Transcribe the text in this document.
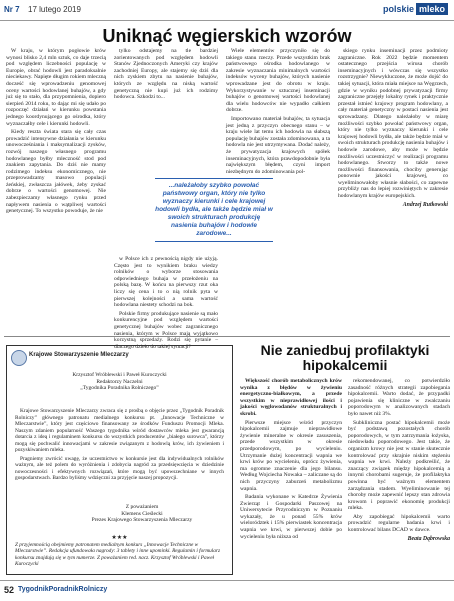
Nr 7 17 lutego 2019	polskie mleko
Uniknąć węgierskich wzorów

W kraju, w którym pogłowie krów wynosi blisko 2,4 mln sztuk, co daje trzecią pod względem liczebności populację w Europie, obrać hodowli jest paradoksalnie nieciekawy. Napięte długim rokiem mleczną docześć się wprowadzeniu genomowej oceny wartości hodowlanej buhajów, a gdy już się to stało, dla przypomnienia, dopiero sierpień 2014 roku, to dając mi się udało po rozpoczęć działań w kierunku powstania jednego koordynującego go ośrodka, który wyznaczałby cele i kierunki hodowli.

Kiedy reszta świata stara się cały czas prowadzić intensywne działania w kierunku unowocześniania i maksymalizacji zysków, rozwój naszego własnego programu hodowlanego byłby mleczność stod pod znakiem zapytania. Do dziś nie mamy rodzimego indeksu ekonomicznego, nie przeprowadzamy masowo populacji żeńskiej, zwłaszcza jałówek, żeby zyskać dobrze o wartości genomowej. Nie zabezpieczamy własnego rynku przed napływem nasienia o wątpliwej wartości genetycznej. To wszystko powoduje, że nie

tylko odstajemy na tle bardziej zorientowanych pod względem hodowli Stanów Zjednoczonych Ameryki czy krajów zachodniej Europy, ale stajemy się dziś dla nich zyskiem zbytu na nasienie buhajów, których ze względu na niską wartość genetyczną nie kupi już ich rodzimy hodowca. Szkodzi to...

...należałoby szybko powołać państwowy organ, który nie tylko wyznaczy kierunki i cele krajowej hodowli bydła, ale także będzie miał w swoich strukturach produkcję nasienia buhajów i hodowle zarodowe...

w Polsce ich z pewnością nigdy nie użyją. Często jest to wynikiem braku wiedzy rolników o wyborze stosowania odpowiedniego buhaja w przełożeniu na polską bazę. W końcu na pierwszy rzut oka liczy się cena i to o nią rolnik pyta w pierwszej kolejności a sama wartość hodowlana niestety schodzi na bok.

Polskie firmy produkujące nasienie są mało konkurencyjne pod względem wartości genetycznej buhajów wobec zagranicznego nasienia, którym w Polsce mają wyjątkowo korzystną sprzedaży. Rodzi się pytanie – dlaczego dzieło do takiej sytuacji?

Wiele elementów przyczyniło się do takiego stanu rzeczy. Przede wszystkim brak państwowego ośrodka hodowlanego w zakresie wyznaczania minimalnych wartości indeksów wyceny buhajów, których nasienie wprowadzane jest do obrotu w kraju. Wykorzystywanie w sztucznej inseminacji buhajów o genomowej wartości hodowlanej dla wielu hodowców nie wypadło całkiem dobrze.

Importowano materiał buhajów, ta sytuacja jest jedną z przyczyn obecnego stanu – w kraju wiele lat temu ich hodowla na słabszą populację buhajów została zdominowana, a ta hodowla nie jest utrzymywana. Dodać należy, że prywatyzacja krajowych spółek inseminacyjnych, która prawdopodobnie była największym błędem, czyni import niezbędnym do zdominowania pol-

skiego rynku inseminacji przez podmioty zagraniczne. Rok 2022 będzie momentem ostatecznego przejścia wirusa chorób inseminacyjnych i wówczas się wszystko rozstrzygnie? Niewykluczone, że może dojść do takiej sytuacji, która miała miejsce na Węgrzech, gdzie w wyniku podobnej prywatyzacji firmy zagraniczne przejęły lokalny rynek i praktycznie przestał istnieć krajowy program hodowlany, a cały materiał genetyczny w postaci nasienia jest sprowadzany. Dlatego należałoby w miarę możliwości szybko powołać państwowy organ, który nie tylko wyznaczy kierunki i cele krajowej hodowli bydła, ale także będzie miał w swoich strukturach produkcję nasienia buhajów i hodowle zarodowe, aby może w będzie możliwości uczestniczyć w realizacji programu hodowlanego. Stworzy to także nowe możliwości finansowania, chociby generując ponownie jakości krajowej, co wyeliminowałoby własnie słabości, co zapewne przybliży nas do lepiej rozwiniętych w zakresie hodowlanym krajów europejskich.

Andrzej Rutkowski
Krajowe Stowarzyszenie Mleczarzy
Krzysztof Wróblewski i Paweł Kuroczycki
Redaktorzy Naczelni
„Tygodnika Poradnika Rolniczego”

Krajowe Stowarzyszenie Mleczarzy zwraca się z prośbą o objęcie przez „Tygodnik Poradnik Rolniczy” głównego patronatu medialnego konkursu pt. „Innowacje Techniczne w Mleczarstwie”, który jest częściowo finansowany ze środków Funduszu Promocji Mleka. Naszym zdaniem popularność Waszego tygodnika wśród dostawców mleka jest gwarancją dotarcia z ideą i regulaminem konkursu do wszystkich producentów „białego surowca”, którzy mogą się pochwalić innowacjami w zakresie związanym z hodowlą krów, ich żywieniem i pozyskiwaniem mleka.

Pragniemy zwrócić uwagę, że uczestnictwo w konkursie jest dla indywidualnych rolników ważnym, ale też polem do wyróżnienia i zdobycia nagród za przedsięwzięcia w dziedzinie nowoczesności i efektywnych rozwiązań, które mogą być upowszechniane w innych gospodarstwach. Bardzo byliśmy wdzięczni za przyjęcie naszej propozycji.

Z poważaniem
Klemens Cieślecki
Prezes Krajowego Stowarzyszenia Mleczarzy
★★★
Z przyjemnością obejmiemy patronatem medialnym konkurs „Innowacje Techniczne w Mleczarstwie”. Redakcja ufundowała nagrody: 3 tablety i inne upominki. Regulamin i formularz konkursu znajdują się w tym numerze. Z poważaniem red. nacz. Krzysztof Wróblewski i Paweł Kuroczycki
Nie zaniedbuj profilaktyki hipokalcemii

Większość chorób metabolicznych krów wynika z błędów w żywieniu energetyczno-białkowym, a przede wszystkim w nieprawidłowej ilości i jakości węglowodanów strukturalnych i skrobi.

Pierwsze miejsce wśród przyczyn hipokalcemii zajmuje nieprawidłowe żywienie mineralne w okresie zasuszenia, przede wszystkim w okresie przedporodowym, po wycieleniu. Utrzymanie dużej koncentracji wapnia we krwi krów po wycieleniu, oprócz żywienia, ma ogromne znaczenie dla jego bilansu. Według Wojciecha Nowaka – zaliczane są do nich przyczyny zaburzeń metabolizmu wapnia.

Badania wykonane w Katedrze Żywienia Zwierząt i Gospodarki Paszowej na Uniwersytecie Przyrodniczym w Poznaniu wykazały, że u ponad 55% krów wielorództek i 15% pierwiastek koncentracja wapnia we krwi, w pierwszej dobie po wycieleniu była niższa od

rekomendowanej, co potwierdziło zasadność różnych strategii zapobiegania hipokalcemii. Warto dodać, że przypadki pojawienia się kliniczne w zwalczaniu poporodowym w analizowanych stadach było nawet niż 3%.

Subkliniczna postać hipokalcemii może być podstawą pozostałych chorób poporodowych, w tym zatrzymania łożyska, niedowładu poporodowego. Jest takie, że organizm krowy nie jest w stanie skutecznie kontrolować przy skrajnie niskim stężeniu wapnia we krwi. Należy podkreślić, że znaczący związek między hipokalcemią a innymi chorobami sugeruje, że profilaktyka powinna być ważnym elementem zarządzania stadem. Wyeliminowanie tej choroby może zapewnić lepszy stan zdrowia krowom i poprawić ekonomię produkcji mleka.

Aby zapobiegać hipokalcemii warto prowadzić regularne badania krwi i kontrolować bilans DCAD w dawce.

Beata Dąbrowska
52 TygodnikPoradnikRolniczy
